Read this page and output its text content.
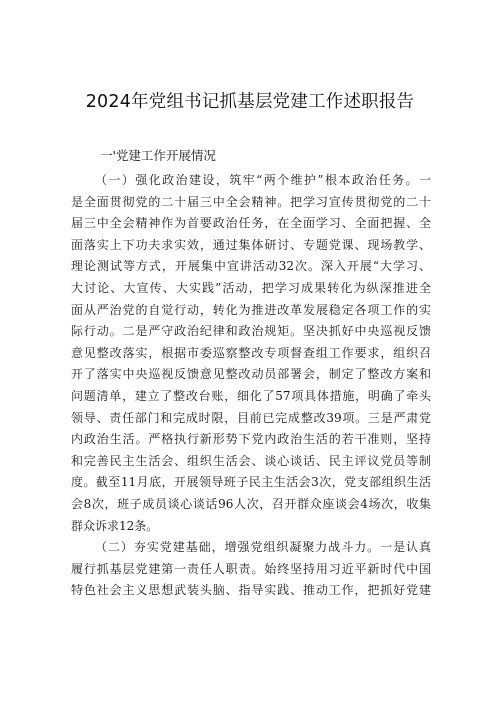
2024年党组书记抓基层党建工作述职报告
一'党建工作开展情况
（一）强化政治建设，筑牢“两个维护”根本政治任务。一
是全面贯彻党的二十届三中全会精神。把学习宣传贯彻党的二十
届三中全会精神作为首要政治任务，在全面学习、全面把握、全
面落实上下功夫求实效，通过集体研讨、专题党课、现场教学、
理论测试等方式，开展集中宣讲活动32次。深入开展“大学习、
大讨论、大宣传、大实践”活动，把学习成果转化为纵深推进全
面从严治党的自觉行动，转化为推进改革发展稳定各项工作的实
际行动。二是严守政治纪律和政治规矩。坚决抓好中央巡视反馈
意见整改落实，根据市委巡察整改专项督查组工作要求，组织召
开了落实中央巡视反馈意见整改动员部署会，制定了整改方案和
问题清单，建立了整改台账，细化了57项具体措施，明确了牵头
领导、责任部门和完成时限，目前已完成整改39项。三是严肃党
内政治生活。严格执行新形势下党内政治生活的若干准则，坚持
和完善民主生活会、组织生活会、谈心谈话、民主评议党员等制
度。截至11月底，开展领导班子民主生活会3次，党支部组织生活
会8次，班子成员谈心谈话96人次，召开群众座谈会4场次，收集
群众诉求12条。
（二）夯实党建基础，增强党组织凝聚力战斗力。一是认真
履行抓基层党建第一责任人职责。始终坚持用习近平新时代中国
特色社会主义思想武装头脑、指导实践、推动工作，把抓好党建
